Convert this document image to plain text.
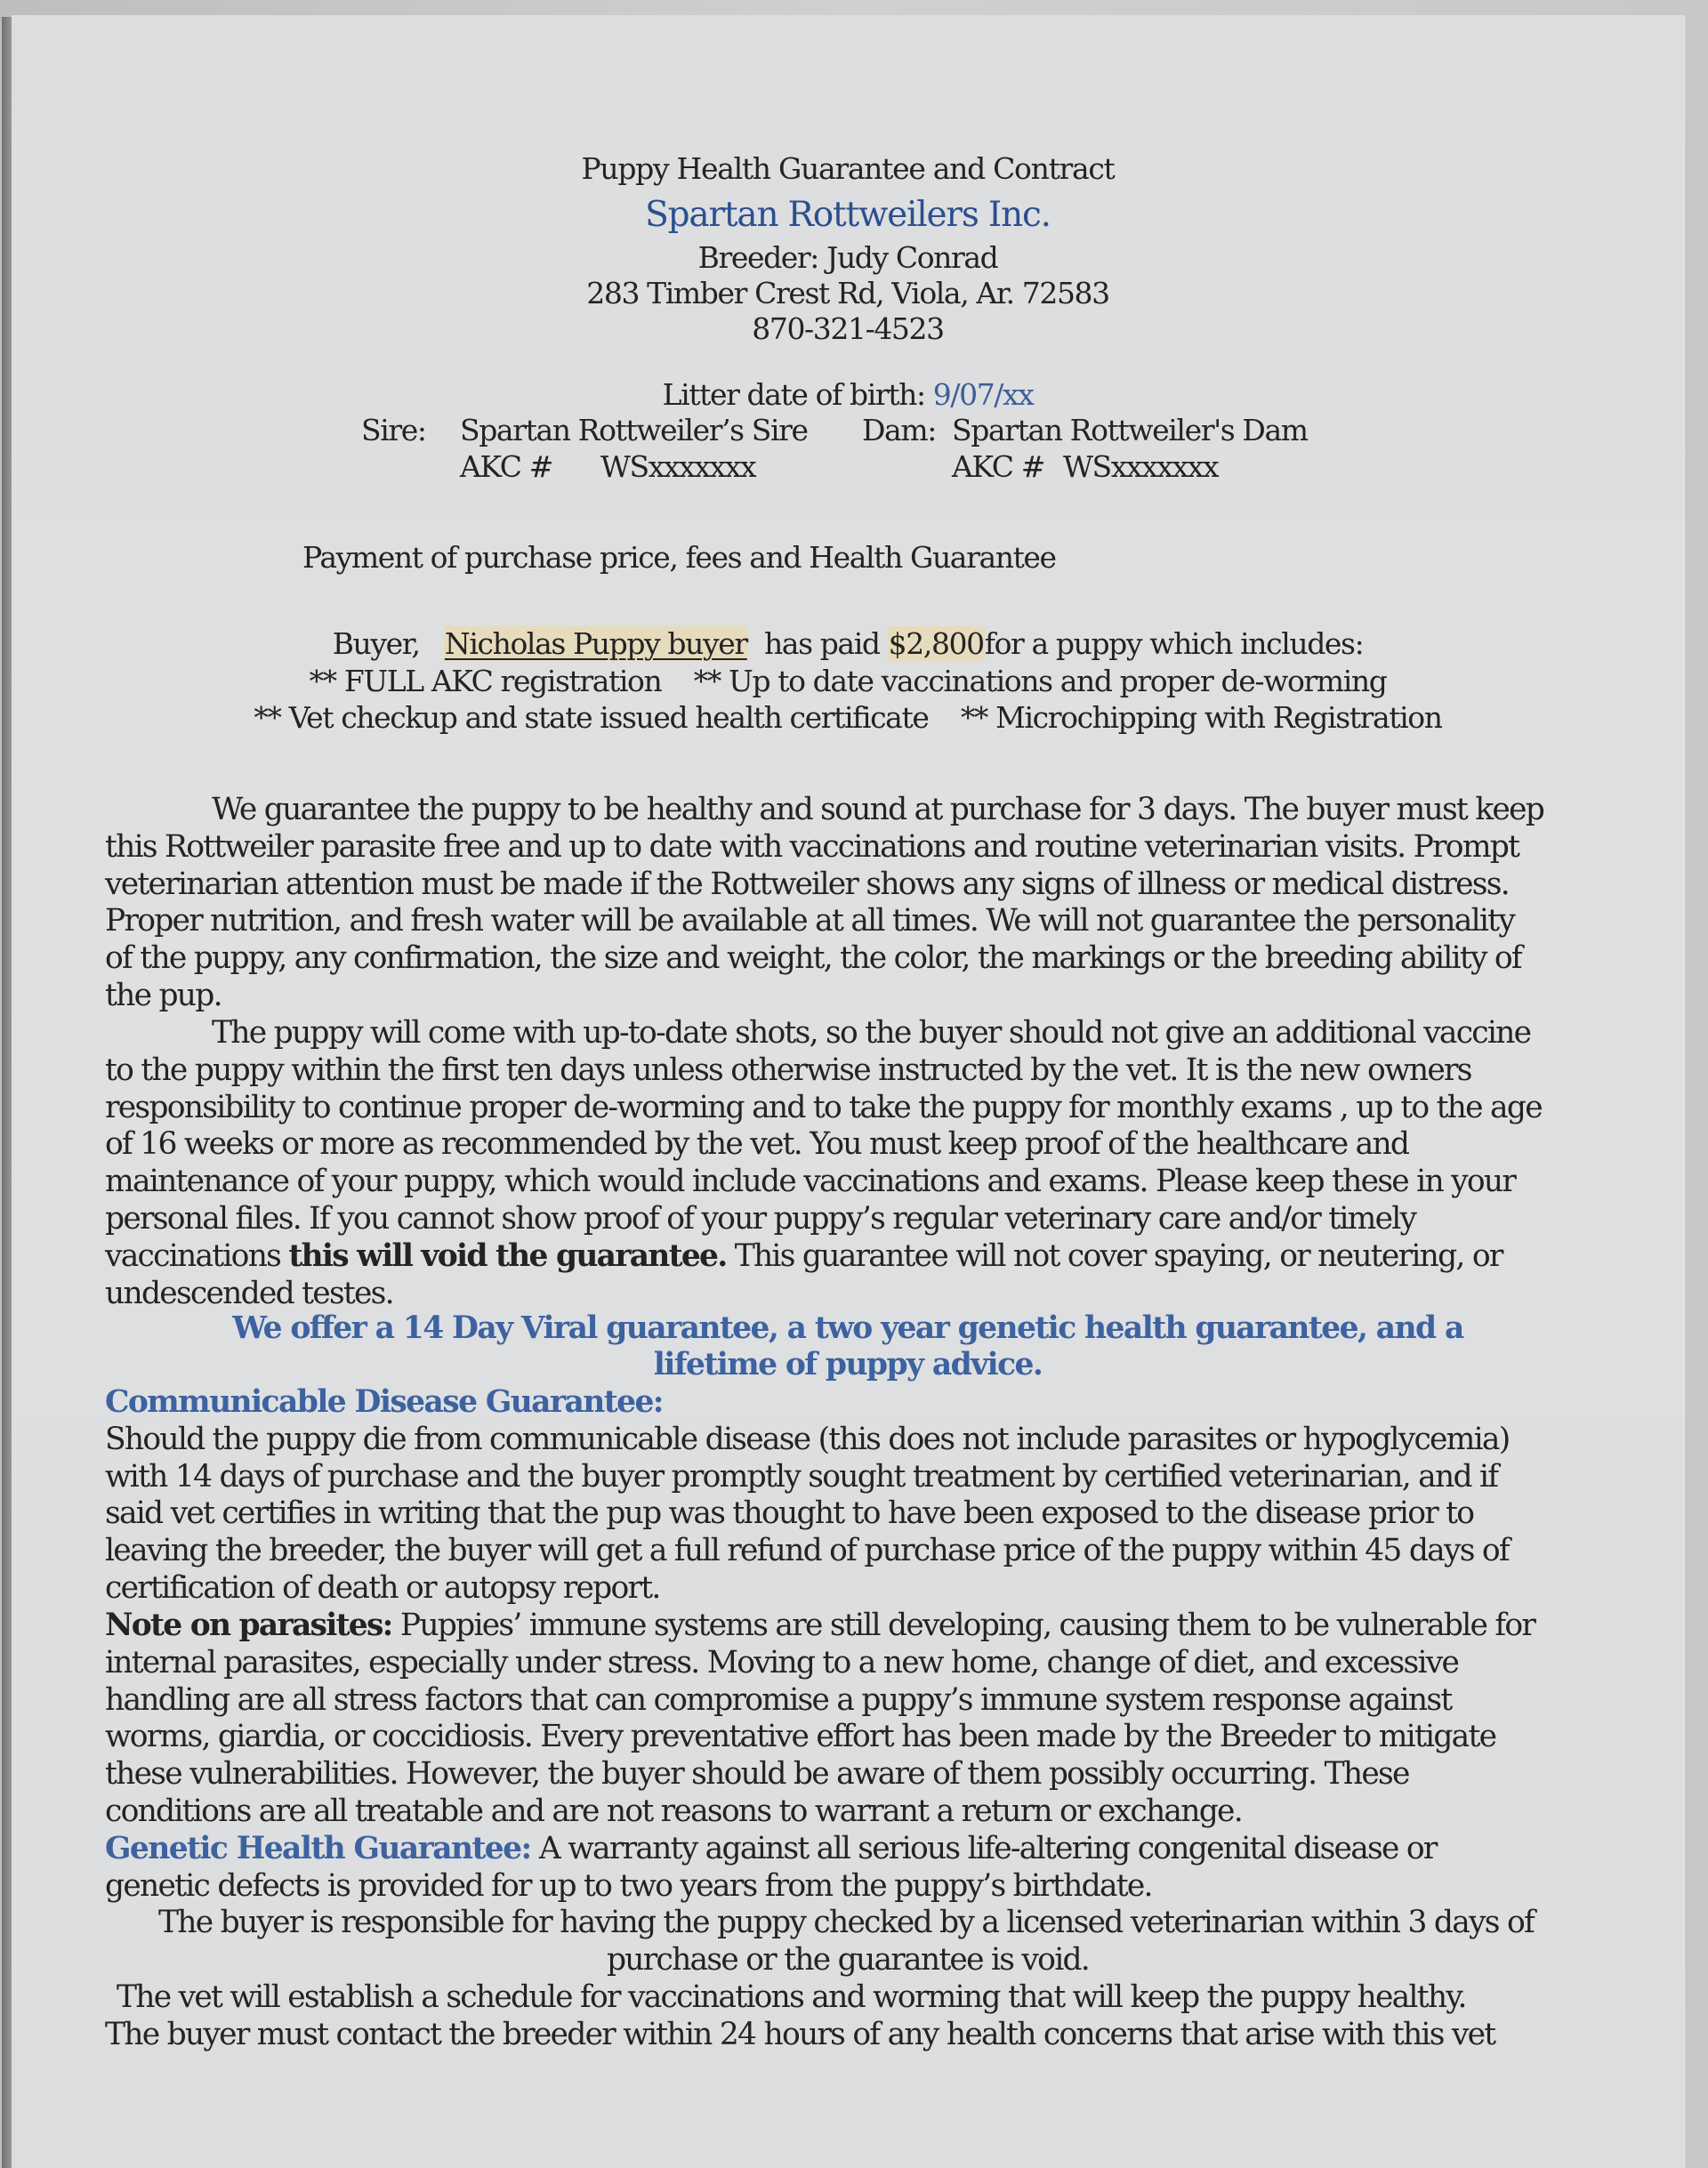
Puppy Health Guarantee and Contract
Spartan Rottweilers Inc.
Breeder: Judy Conrad
283 Timber Crest Rd, Viola, Ar. 72583
870-321-4523
Litter date of birth: 9/07/xx
Sire: Spartan Rottweiler’s Sire Dam: Spartan Rottweiler's Dam
AKC # WSxxxxxxx	AKC # WSxxxxxxx
Payment of purchase price, fees and Health Guarantee
Buyer, Nicholas Puppy buyer has paid $2,800for a puppy which includes:
** FULL AKC registration ** Up to date vaccinations and proper de-worming
** Vet checkup and state issued health certificate ** Microchipping with Registration

We guarantee the puppy to be healthy and sound at purchase for 3 days. The buyer must keep

this Rottweiler parasite free and up to date with vaccinations and routine veterinarian visits. Prompt

veterinarian attention must be made if the Rottweiler shows any signs of illness or medical distress.

Proper nutrition, and fresh water will be available at all times. We will not guarantee the personality

of the puppy, any confirmation, the size and weight, the color, the markings or the breeding ability of

the pup.

The puppy will come with up-to-date shots, so the buyer should not give an additional vaccine

to the puppy within the first ten days unless otherwise instructed by the vet. It is the new owners

responsibility to continue proper de-worming and to take the puppy for monthly exams , up to the age

of 16 weeks or more as recommended by the vet. You must keep proof of the healthcare and

maintenance of your puppy, which would include vaccinations and exams. Please keep these in your

personal files. If you cannot show proof of your puppy’s regular veterinary care and/or timely

vaccinations this will void the guarantee. This guarantee will not cover spaying, or neutering, or

undescended testes.

We offer a 14 Day Viral guarantee, a two year genetic health guarantee, and a
lifetime of puppy advice.

Communicable Disease Guarantee:

Should the puppy die from communicable disease (this does not include parasites or hypoglycemia)

with 14 days of purchase and the buyer promptly sought treatment by certified veterinarian, and if

said vet certifies in writing that the pup was thought to have been exposed to the disease prior to

leaving the breeder, the buyer will get a full refund of purchase price of the puppy within 45 days of

certification of death or autopsy report.

Note on parasites: Puppies’ immune systems are still developing, causing them to be vulnerable for

internal parasites, especially under stress. Moving to a new home, change of diet, and excessive

handling are all stress factors that can compromise a puppy’s immune system response against

worms, giardia, or coccidiosis. Every preventative effort has been made by the Breeder to mitigate

these vulnerabilities. However, the buyer should be aware of them possibly occurring. These

conditions are all treatable and are not reasons to warrant a return or exchange.

Genetic Health Guarantee: A warranty against all serious life-altering congenital disease or

genetic defects is provided for up to two years from the puppy’s birthdate.

The buyer is responsible for having the puppy checked by a licensed veterinarian within 3 days of
purchase or the guarantee is void.
The vet will establish a schedule for vaccinations and worming that will keep the puppy healthy.
The buyer must contact the breeder within 24 hours of any health concerns that arise with this vet
